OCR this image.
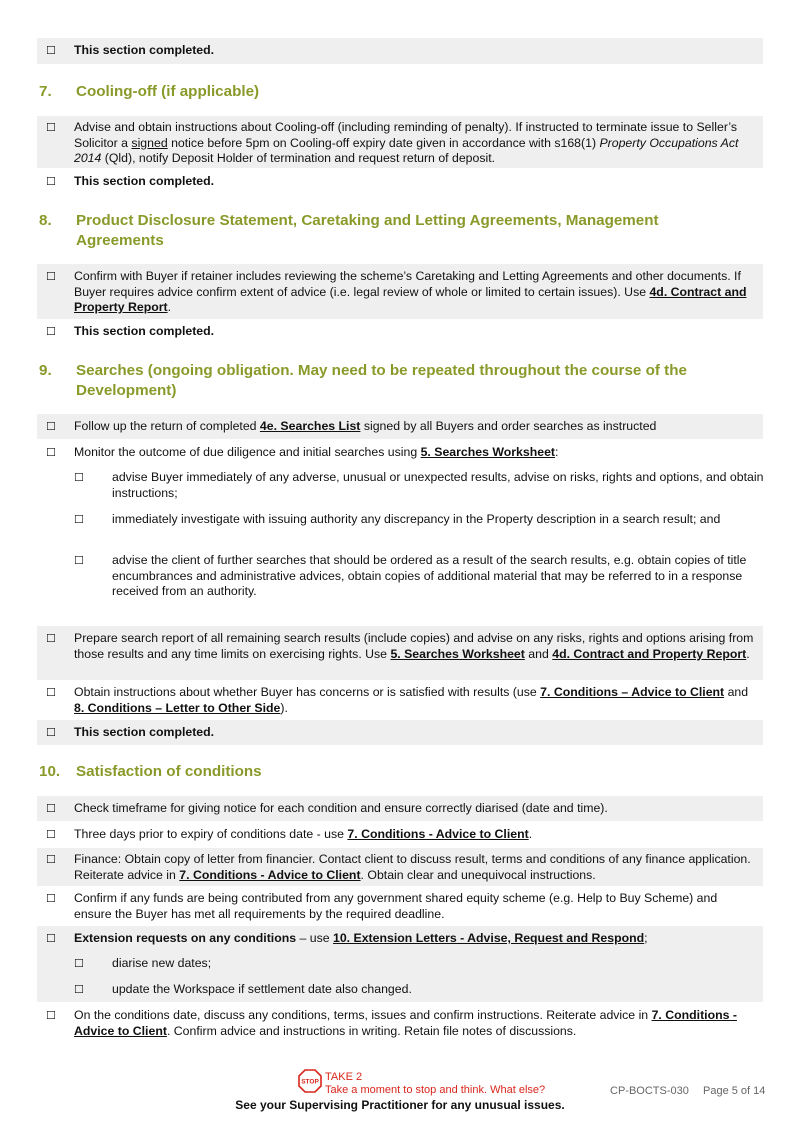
☐ This section completed.
7. Cooling-off (if applicable)
☐ Advise and obtain instructions about Cooling-off (including reminding of penalty). If instructed to terminate issue to Seller’s Solicitor a signed notice before 5pm on Cooling-off expiry date given in accordance with s168(1) Property Occupations Act 2014 (Qld), notify Deposit Holder of termination and request return of deposit.
☐ This section completed.
8. Product Disclosure Statement, Caretaking and Letting Agreements, Management Agreements
☐ Confirm with Buyer if retainer includes reviewing the scheme’s Caretaking and Letting Agreements and other documents. If Buyer requires advice confirm extent of advice (i.e. legal review of whole or limited to certain issues). Use 4d. Contract and Property Report.
☐ This section completed.
9. Searches (ongoing obligation. May need to be repeated throughout the course of the Development)
☐ Follow up the return of completed 4e. Searches List signed by all Buyers and order searches as instructed
☐ Monitor the outcome of due diligence and initial searches using 5. Searches Worksheet:
☐ advise Buyer immediately of any adverse, unusual or unexpected results, advise on risks, rights and options, and obtain instructions;
☐ immediately investigate with issuing authority any discrepancy in the Property description in a search result; and
☐ advise the client of further searches that should be ordered as a result of the search results, e.g. obtain copies of title encumbrances and administrative advices, obtain copies of additional material that may be referred to in a response received from an authority.
☐ Prepare search report of all remaining search results (include copies) and advise on any risks, rights and options arising from those results and any time limits on exercising rights. Use 5. Searches Worksheet and 4d. Contract and Property Report.
☐ Obtain instructions about whether Buyer has concerns or is satisfied with results (use 7. Conditions – Advice to Client and 8. Conditions – Letter to Other Side).
☐ This section completed.
10. Satisfaction of conditions
☐ Check timeframe for giving notice for each condition and ensure correctly diarised (date and time).
☐ Three days prior to expiry of conditions date - use 7. Conditions - Advice to Client.
☐ Finance: Obtain copy of letter from financier. Contact client to discuss result, terms and conditions of any finance application. Reiterate advice in 7. Conditions - Advice to Client. Obtain clear and unequivocal instructions.
☐ Confirm if any funds are being contributed from any government shared equity scheme (e.g. Help to Buy Scheme) and ensure the Buyer has met all requirements by the required deadline.
☐ Extension requests on any conditions – use 10. Extension Letters - Advise, Request and Respond;
☐ diarise new dates;
☐ update the Workspace if settlement date also changed.
☐ On the conditions date, discuss any conditions, terms, issues and confirm instructions. Reiterate advice in 7. Conditions - Advice to Client. Confirm advice and instructions in writing. Retain file notes of discussions.
STOP TAKE 2
Take a moment to stop and think. What else?	CP-BOCTS-030 Page 5 of 14
See your Supervising Practitioner for any unusual issues.
